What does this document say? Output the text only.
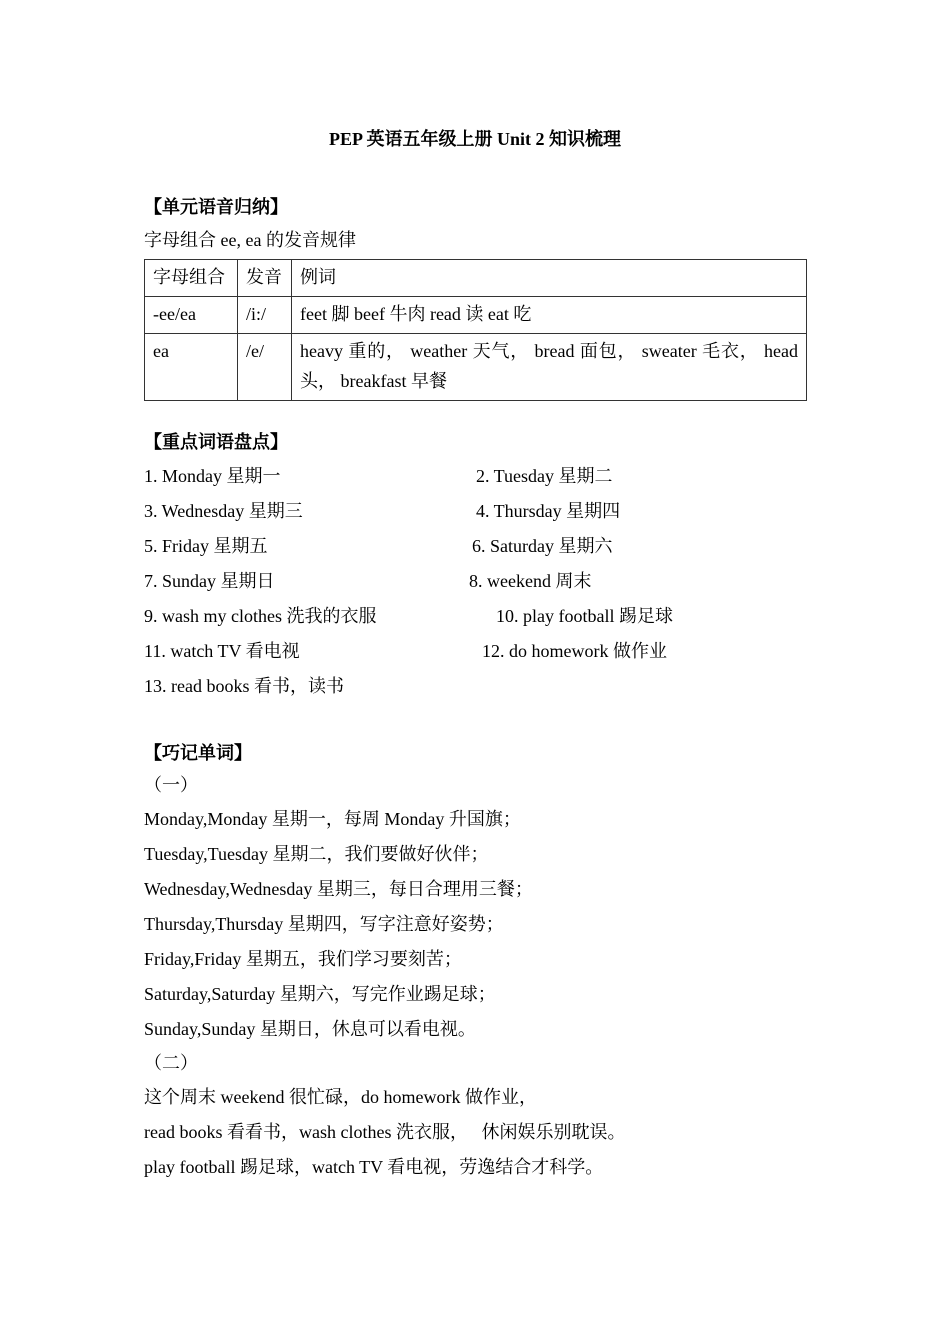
PEP 英语五年级上册 Unit 2 知识梳理
【单元语音归纳】
字母组合 ee, ea 的发音规律
字母组合	发音	例词
-ee/ea	/i:/	feet 脚 beef 牛肉 read 读 eat 吃
ea	/e/	heavy 重的， weather 天气， bread 面包， sweater 毛衣， head 头， breakfast 早餐
【重点词语盘点】
1. Monday 星期一	2. Tuesday 星期二
3. Wednesday 星期三	4. Thursday 星期四
5. Friday 星期五	6. Saturday 星期六
7. Sunday 星期日	8. weekend 周末
9. wash my clothes 洗我的衣服	10. play football 踢足球
11. watch TV 看电视	12. do homework 做作业
13. read books 看书，读书
【巧记单词】
（一）
Monday,Monday 星期一，每周 Monday 升国旗；
Tuesday,Tuesday 星期二，我们要做好伙伴；
Wednesday,Wednesday 星期三，每日合理用三餐；
Thursday,Thursday 星期四，写字注意好姿势；
Friday,Friday 星期五，我们学习要刻苦；
Saturday,Saturday 星期六，写完作业踢足球；
Sunday,Sunday 星期日，休息可以看电视。
（二）
这个周末 weekend 很忙碌，do homework 做作业，
read books 看看书，wash clothes 洗衣服，   休闲娱乐别耽误。
play football 踢足球，watch TV 看电视，劳逸结合才科学。
